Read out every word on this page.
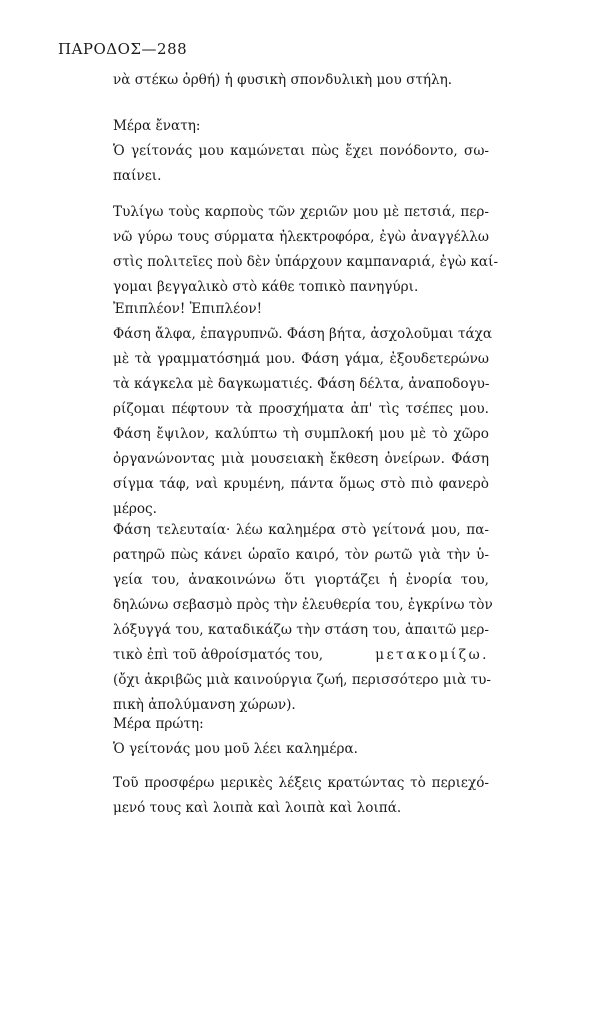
ΠΑΡΟΔΟΣ—288
νὰ στέκω ὀρθή) ἡ φυσικὴ σπονδυλικὴ μου στήλη.
Μέρα ἔνατη:
Ὁ γείτονάς μου καμώνεται πὼς ἔχει πονόδοντο, σω-
παίνει.
Τυλίγω τοὺς καρποὺς τῶν χεριῶν μου μὲ πετσιά, περ-
νῶ γύρω τους σύρματα ἠλεκτροφόρα, ἐγὼ ἀναγγέλλω
στὶς πολιτεῖες ποὺ δὲν ὑπάρχουν καμπαναριά, ἐγὼ καί-
γομαι βεγγαλικὸ στὸ κάθε τοπικὸ πανηγύρι.
Ἐπιπλέον! Ἐπιπλέον!
Φάση ἄλφα, ἐπαγρυπνῶ. Φάση βήτα, ἀσχολοῦμαι τάχα
μὲ τὰ γραμματόσημά μου. Φάση γάμα, ἐξουδετερώνω
τὰ κάγκελα μὲ δαγκωματιές. Φάση δέλτα, ἀναποδογυ-
ρίζομαι πέφτουν τὰ προσχήματα ἀπ' τὶς τσέπες μου.
Φάση ἔψιλον, καλύπτω τὴ συμπλοκή μου μὲ τὸ χῶρο
ὀργανώνοντας μιὰ μουσειακὴ ἔκθεση ὀνείρων. Φάση
σίγμα τάφ, ναὶ κρυμένη, πάντα ὅμως στὸ πιὸ φανερὸ
μέρος.
Φάση τελευταία· λέω καλημέρα στὸ γείτονά μου, πα-
ρατηρῶ πὼς κάνει ὡραῖο καιρό, τὸν ρωτῶ γιὰ τὴν ὑ-
γεία του, ἀνακοινώνω ὅτι γιορτάζει ἡ ἐνορία του,
δηλώνω σεβασμὸ πρὸς τὴν ἐλευθερία του, ἐγκρίνω τὸν
λόξυγγά του, καταδικάζω τὴν στάση του, ἀπαιτῶ μερ-
τικὸ ἐπὶ τοῦ ἀθροίσματός του,	μετακομίζω.
(ὄχι ἀκριβῶς μιὰ καινούργια ζωή, περισσότερο μιὰ τυ-
πικὴ ἀπολύμανση χώρων).
Μέρα πρώτη:
Ὁ γείτονάς μου μοῦ λέει καλημέρα.
Τοῦ προσφέρω μερικὲς λέξεις κρατώντας τὸ περιεχό-
μενό τους καὶ λοιπὰ καὶ λοιπὰ καὶ λοιπά.
